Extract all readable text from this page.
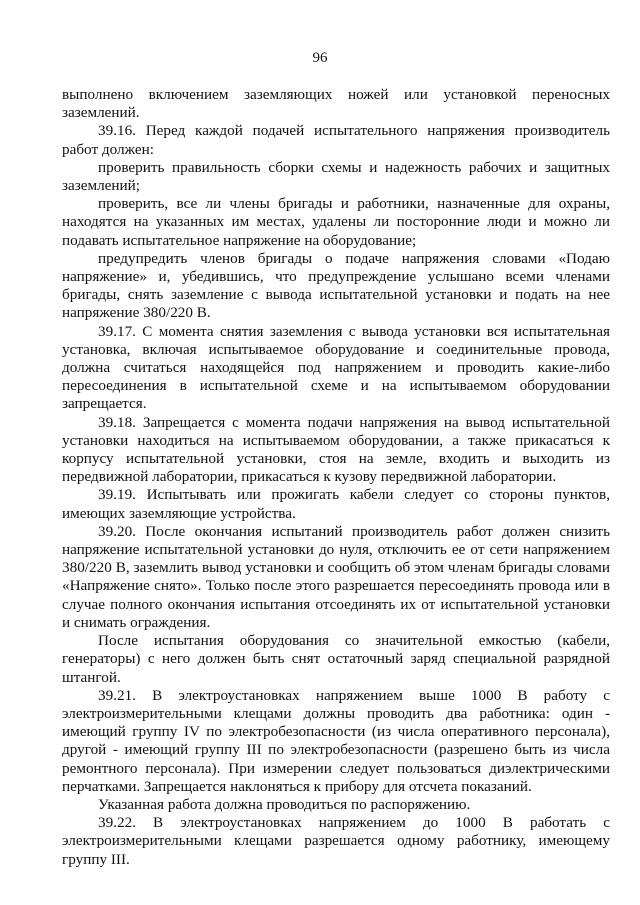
96

выполнено включением заземляющих ножей или установкой переносных заземлений.

39.16. Перед каждой подачей испытательного напряжения производитель работ должен:

проверить правильность сборки схемы и надежность рабочих и защитных заземлений;

проверить, все ли члены бригады и работники, назначенные для охраны, находятся на указанных им местах, удалены ли посторонние люди и можно ли подавать испытательное напряжение на оборудование;

предупредить членов бригады о подаче напряжения словами «Подаю напряжение» и, убедившись, что предупреждение услышано всеми членами бригады, снять заземление с вывода испытательной установки и подать на нее напряжение 380/220 В.

39.17. С момента снятия заземления с вывода установки вся испытательная установка, включая испытываемое оборудование и соединительные провода, должна считаться находящейся под напряжением и проводить какие-либо пересоединения в испытательной схеме и на испытываемом оборудовании запрещается.

39.18. Запрещается с момента подачи напряжения на вывод испытательной установки находиться на испытываемом оборудовании, а также прикасаться к корпусу испытательной установки, стоя на земле, входить и выходить из передвижной лаборатории, прикасаться к кузову передвижной лаборатории.

39.19. Испытывать или прожигать кабели следует со стороны пунктов, имеющих заземляющие устройства.

39.20. После окончания испытаний производитель работ должен снизить напряжение испытательной установки до нуля, отключить ее от сети напряжением 380/220 В, заземлить вывод установки и сообщить об этом членам бригады словами «Напряжение снято». Только после этого разрешается пересоединять провода или в случае полного окончания испытания отсоединять их от испытательной установки и снимать ограждения.

После испытания оборудования со значительной емкостью (кабели, генераторы) с него должен быть снят остаточный заряд специальной разрядной штангой.

39.21. В электроустановках напряжением выше 1000 В работу с электроизмерительными клещами должны проводить два работника: один - имеющий группу IV по электробезопасности (из числа оперативного персонала), другой - имеющий группу III по электробезопасности (разрешено быть из числа ремонтного персонала). При измерении следует пользоваться диэлектрическими перчатками. Запрещается наклоняться к прибору для отсчета показаний.

Указанная работа должна проводиться по распоряжению.

39.22. В электроустановках напряжением до 1000 В работать с электроизмерительными клещами разрешается одному работнику, имеющему группу III.
